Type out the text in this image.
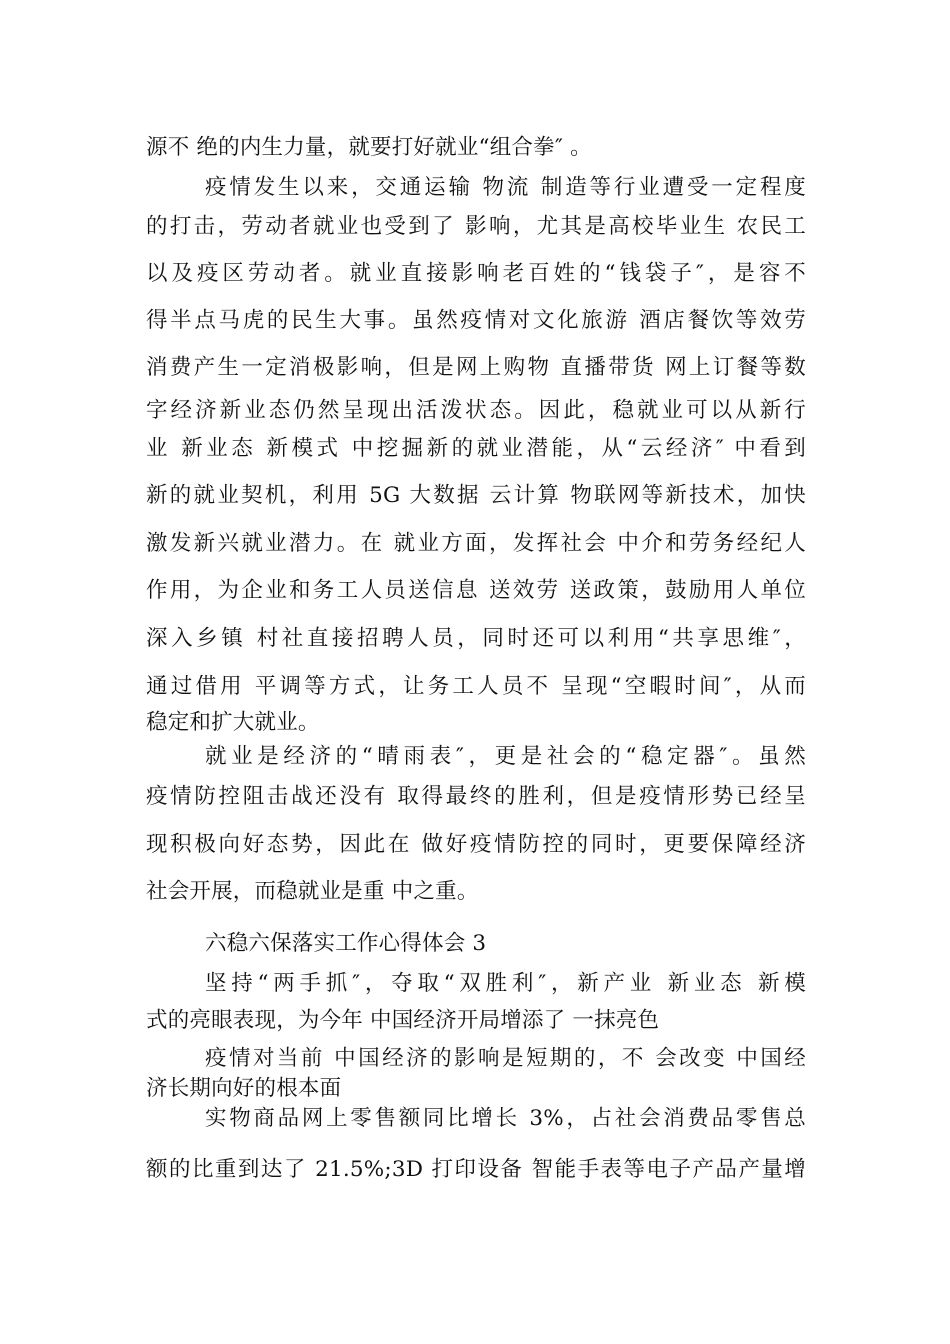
源不 绝的内生力量，就要打好就业“组合拳″ 。
疫情发生以来，交通运输 物流 制造等行业遭受一定程度
的打击，劳动者就业也受到了 影响，尤其是高校毕业生 农民工
以及疫区劳动者。就业直接影响老百姓的“钱袋子″，是容不
得半点马虎的民生大事。虽然疫情对文化旅游 酒店餐饮等效劳
消费产生一定消极影响，但是网上购物 直播带货 网上订餐等数
字经济新业态仍然呈现出活泼状态。因此，稳就业可以从新行
业 新业态 新模式 中挖掘新的就业潜能，从“云经济″ 中看到
新的就业契机，利用 5G 大数据 云计算 物联网等新技术，加快
激发新兴就业潜力。在 就业方面，发挥社会 中介和劳务经纪人
作用，为企业和务工人员送信息 送效劳 送政策，鼓励用人单位
深入乡镇 村社直接招聘人员，同时还可以利用“共享思维″，
通过借用 平调等方式，让务工人员不 呈现“空暇时间″，从而
稳定和扩大就业。
就业是经济的“晴雨表″，更是社会的“稳定器″。虽然
疫情防控阻击战还没有 取得最终的胜利，但是疫情形势已经呈
现积极向好态势，因此在 做好疫情防控的同时，更要保障经济
社会开展，而稳就业是重 中之重。
六稳六保落实工作心得体会 3
坚持“两手抓″，夺取“双胜利″，新产业 新业态 新模
式的亮眼表现，为今年 中国经济开局增添了 一抹亮色
疫情对当前 中国经济的影响是短期的，不 会改变 中国经
济长期向好的根本面
实物商品网上零售额同比增长 3%，占社会消费品零售总
额的比重到达了 21.5%;3D 打印设备 智能手表等电子产品产量增
